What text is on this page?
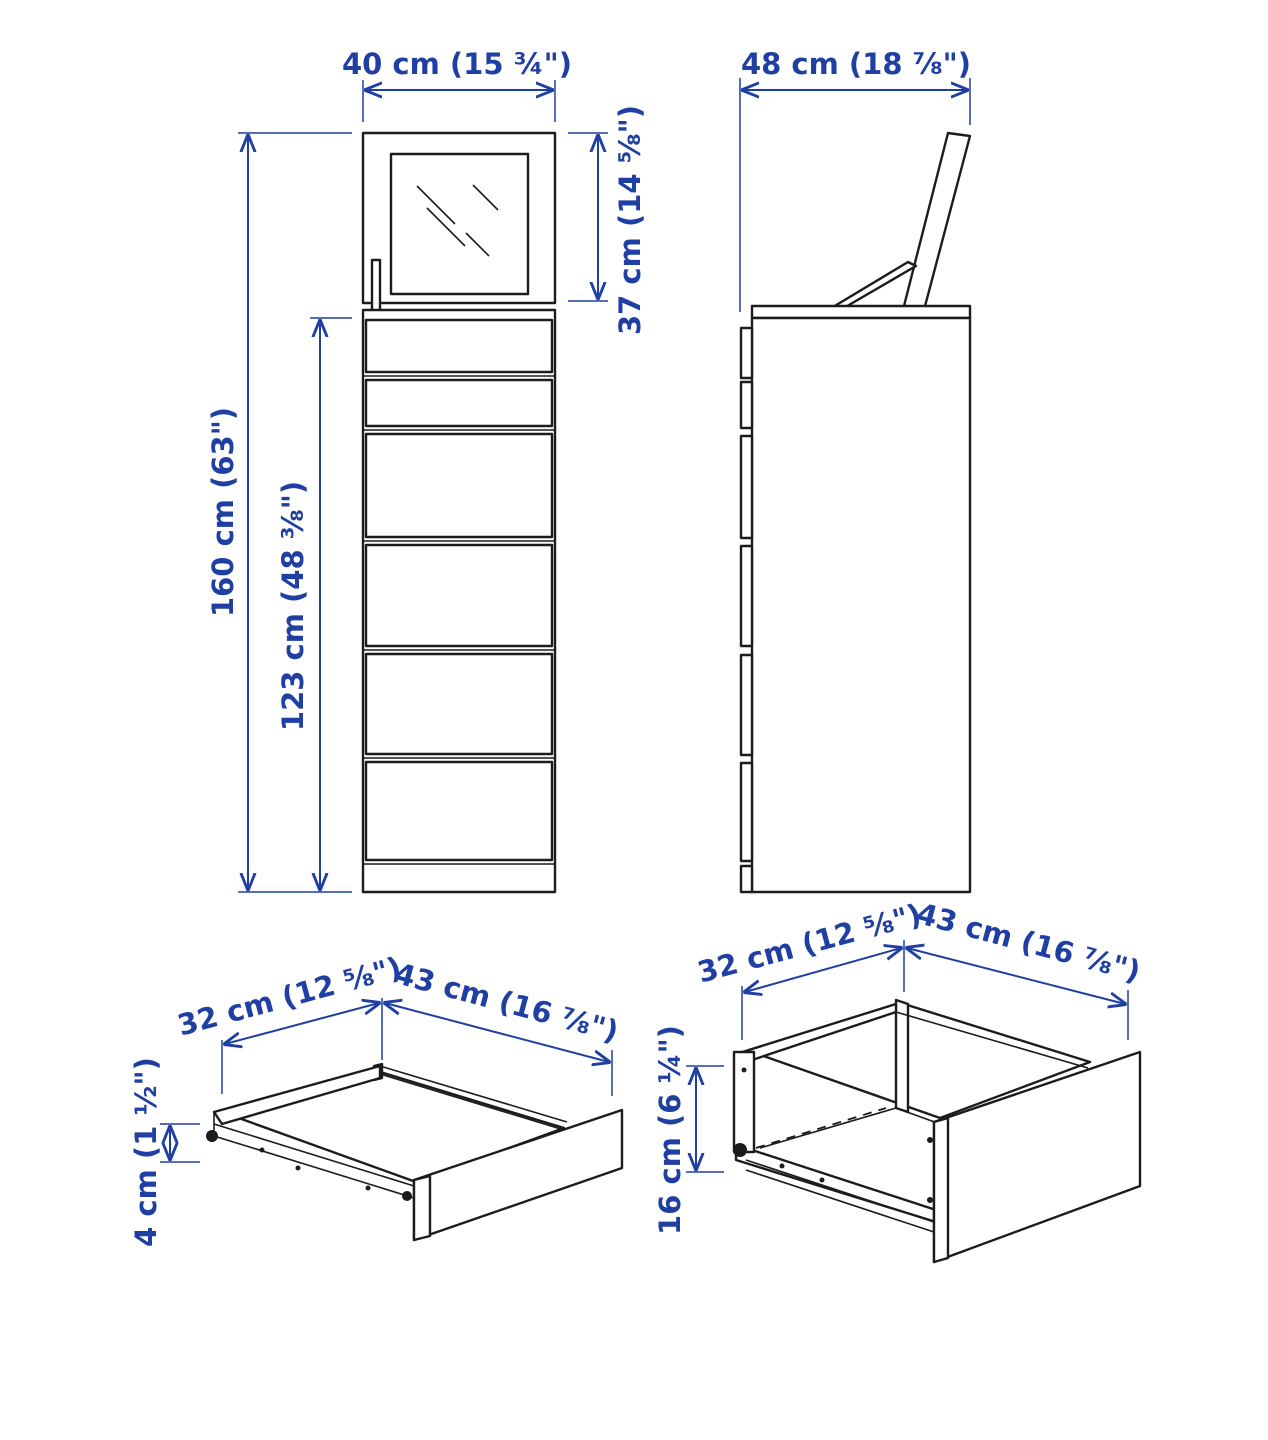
40 cm (15 ¾")
160 cm (63") 123 cm (48 ⅜")
37 cm (14 ⅝")
48 cm (18 ⅞")
32 cm (12 ⅝")
43 cm (16 ⅞")
4 cm (1 ½")
32 cm (12 ⅝")
43 cm (16 ⅞")
16 cm (6 ¼")
